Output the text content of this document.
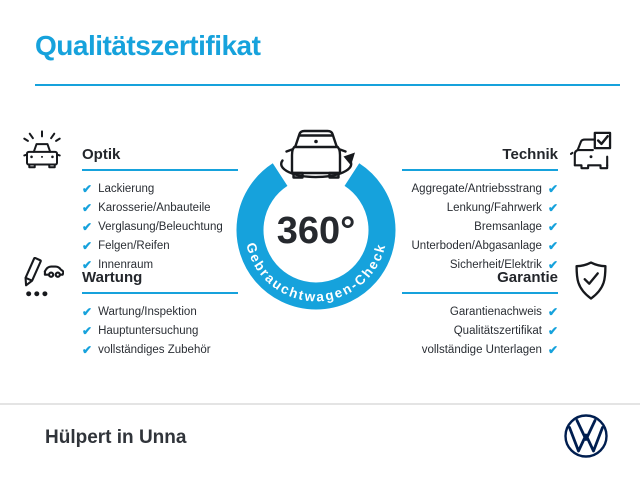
Qualitätszertifikat
Optik
✔ Lackierung
✔ Karosserie/Anbauteile
✔ Verglasung/Beleuchtung
✔ Felgen/Reifen
✔ Innenraum
Technik
✔
Aggregate/Antriebsstrang
✔
Lenkung/Fahrwerk
✔
Bremsanlage
✔
Unterboden/Abgasanlage
✔
Sicherheit/Elektrik
Wartung
✔ Wartung/Inspektion
✔ Hauptuntersuchung
✔ vollständiges Zubehör
Garantie
✔
Garantienachweis
✔
Qualitätszertifikat
✔
vollständige Unterlagen
360°
Gebrauchtwagen-Check
Hülpert in Unna
